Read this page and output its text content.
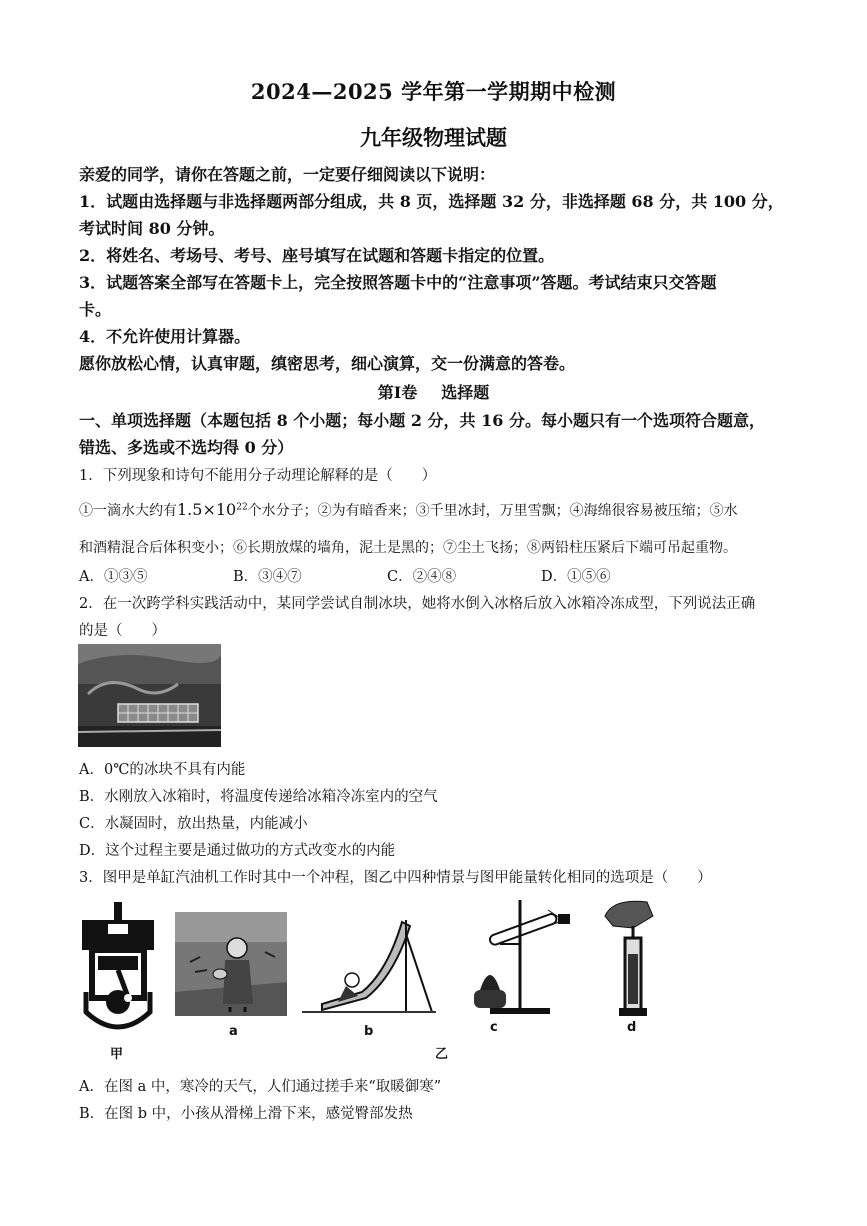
2024—2025 学年第一学期期中检测
九年级物理试题
亲爱的同学，请你在答题之前，一定要仔细阅读以下说明：
1．试题由选择题与非选择题两部分组成，共 8 页，选择题 32 分，非选择题 68 分，共 100 分，
考试时间 80 分钟。
2．将姓名、考场号、考号、座号填写在试题和答题卡指定的位置。
3．试题答案全部写在答题卡上，完全按照答题卡中的“注意事项”答题。考试结束只交答题
卡。
4．不允许使用计算器。
愿你放松心情，认真审题，缜密思考，细心演算，交一份满意的答卷。
第Ⅰ卷 选择题
一、单项选择题（本题包括 8 个小题；每小题 2 分，共 16 分。每小题只有一个选项符合题意，
错选、多选或不选均得 0 分）
1．下列现象和诗句不能用分子动理论解释的是（　　）
①一滴水大约有$1.5\times 10^{22}$个水分子；②为有暗香来；③千里冰封，万里雪飘；④海绵很容易被压缩；⑤水
和酒精混合后体积变小；⑥长期放煤的墙角，泥土是黑的；⑦尘土飞扬；⑧两铅柱压紧后下端可吊起重物。
A．①③⑤	B．③④⑦	C．②④⑧	D．①⑤⑥
2．在一次跨学科实践活动中，某同学尝试自制冰块，她将水倒入冰格后放入冰箱冷冻成型，下列说法正确
的是（　　）
A．0℃的冰块不具有内能
B．水刚放入冰箱时，将温度传递给冰箱冷冻室内的空气
C．水凝固时，放出热量，内能减小
D．这个过程主要是通过做功的方式改变水的内能
3．图甲是单缸汽油机工作时其中一个冲程，图乙中四种情景与图甲能量转化相同的选项是（　　）
甲
a	b	c	d
乙
A．在图 a 中，寒冷的天气，人们通过搓手来“取暖御寒”
B．在图 b 中，小孩从滑梯上滑下来，感觉臀部发热
